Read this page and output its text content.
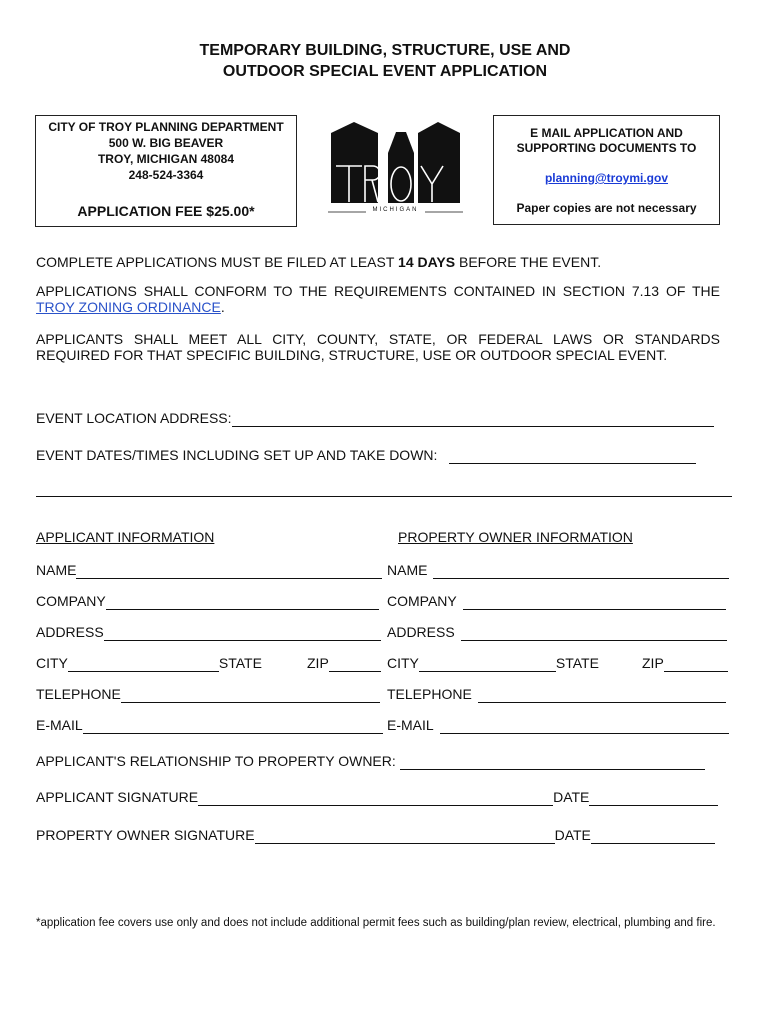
TEMPORARY BUILDING, STRUCTURE, USE AND
OUTDOOR SPECIAL EVENT APPLICATION
CITY OF TROY PLANNING DEPARTMENT
500 W. BIG BEAVER
TROY, MICHIGAN 48084
248-524-3364
APPLICATION FEE $25.00*	MICHIGAN
E MAIL APPLICATION AND
SUPPORTING DOCUMENTS TO
planning@troymi.gov
Paper copies are not necessary
COMPLETE APPLICATIONS MUST BE FILED AT LEAST 14 DAYS BEFORE THE EVENT.
APPLICATIONS SHALL CONFORM TO THE REQUIREMENTS CONTAINED IN SECTION 7.13 OF THE TROY ZONING ORDINANCE.
APPLICANTS SHALL MEET ALL CITY, COUNTY, STATE, OR FEDERAL LAWS OR STANDARDS REQUIRED FOR THAT SPECIFIC BUILDING, STRUCTURE, USE OR OUTDOOR SPECIAL EVENT.
EVENT LOCATION ADDRESS:
EVENT DATES/TIMES INCLUDING SET UP AND TAKE DOWN:
APPLICANT INFORMATION	PROPERTY OWNER INFORMATION
NAME	NAME
COMPANY	COMPANY
ADDRESS	ADDRESS
CITY	STATE	ZIP	CITY	STATE	ZIP
TELEPHONE	TELEPHONE
E-MAIL	E-MAIL
APPLICANT'S RELATIONSHIP TO PROPERTY OWNER:
APPLICANT SIGNATURE	DATE
PROPERTY OWNER SIGNATURE	DATE
*application fee covers use only and does not include additional permit fees such as building/plan review, electrical, plumbing and fire.
